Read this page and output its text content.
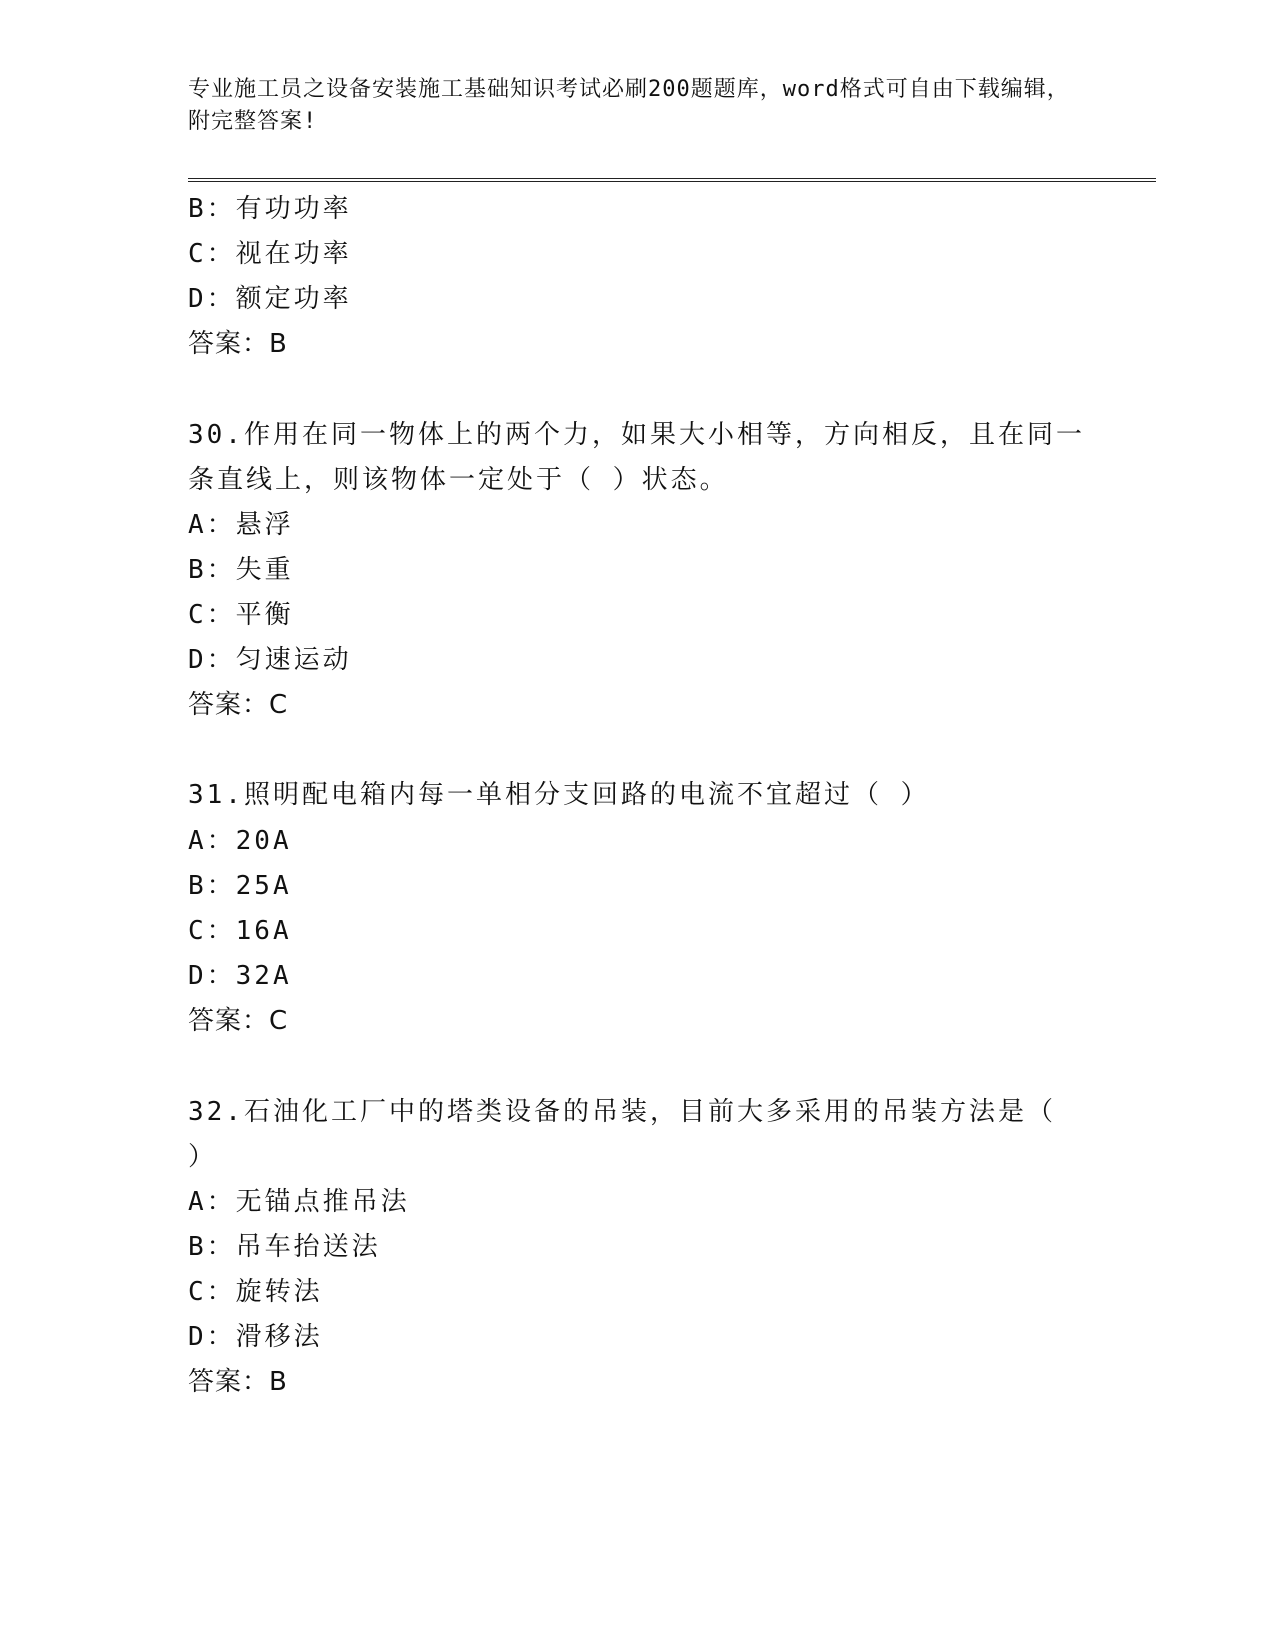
专业施工员之设备安装施工基础知识考试必刷200题题库，word格式可自由下载编辑，附完整答案!
B：有功功率
C：视在功率
D：额定功率
答案：B
30.作用在同一物体上的两个力，如果大小相等，方向相反，且在同一
条直线上，则该物体一定处于（ ）状态。
A：悬浮
B：失重
C：平衡
D：匀速运动
答案：C
31.照明配电箱内每一单相分支回路的电流不宜超过（ ）
A：20A
B：25A
C：16A
D：32A
答案：C
32.石油化工厂中的塔类设备的吊装，目前大多采用的吊装方法是（
）
A：无锚点推吊法
B：吊车抬送法
C：旋转法
D：滑移法
答案：B
